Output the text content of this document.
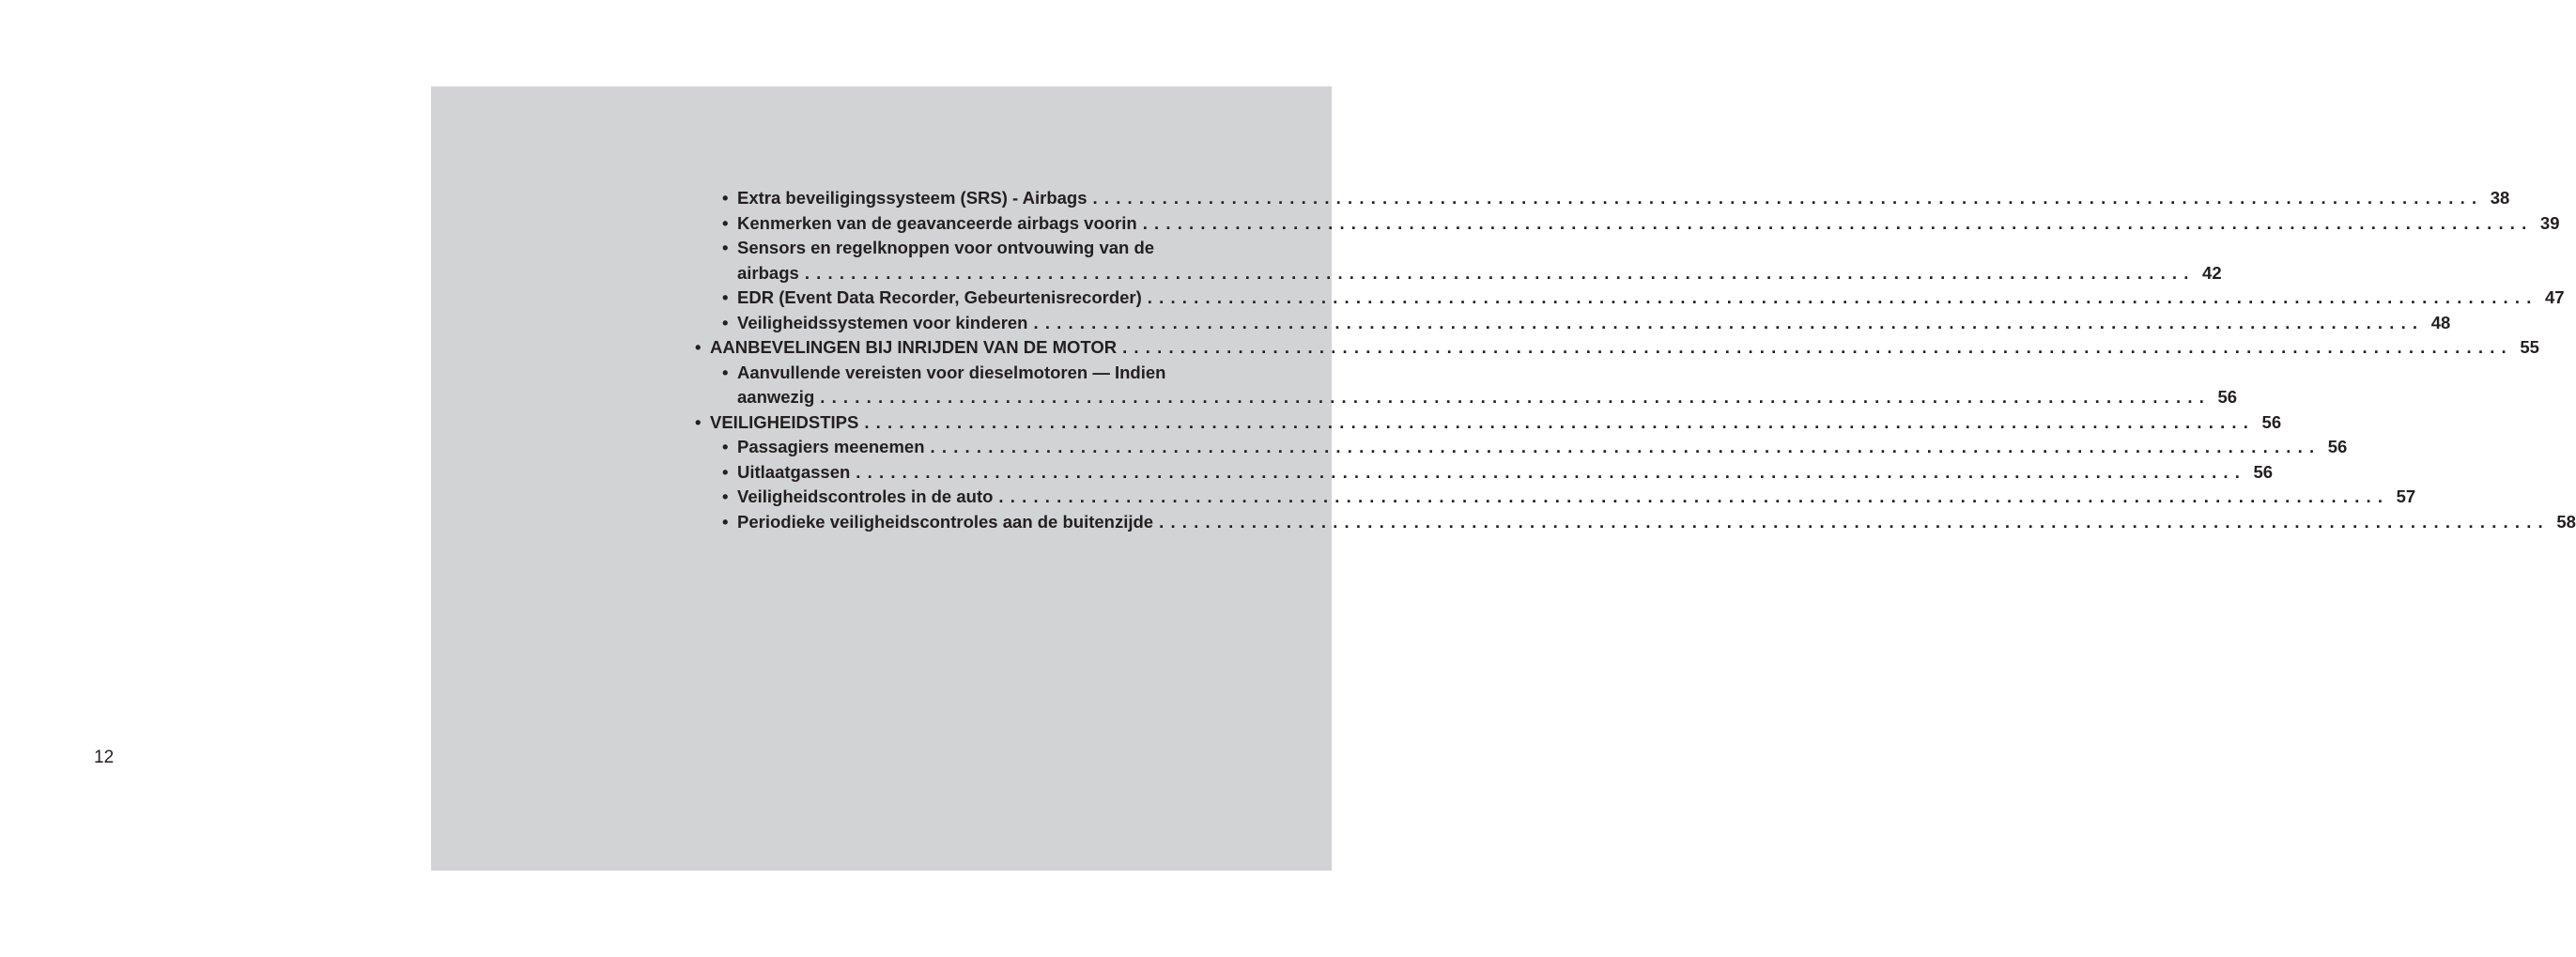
12
• Extra beveiligingssysteem (SRS) - Airbags ........................................................................................................................ 38
• Kenmerken van de geavanceerde airbags voorin ........................................................................................................................ 39
• Sensors en regelknoppen voor ontvouwing van de
airbags ........................................................................................................................ 42
• EDR (Event Data Recorder, Gebeurtenisrecorder) ........................................................................................................................ 47
• Veiligheidssystemen voor kinderen ........................................................................................................................ 48
• AANBEVELINGEN BIJ INRIJDEN VAN DE MOTOR ........................................................................................................................ 55
• Aanvullende vereisten voor dieselmotoren — Indien
aanwezig ........................................................................................................................ 56
• VEILIGHEIDSTIPS ........................................................................................................................ 56
• Passagiers meenemen ........................................................................................................................ 56
• Uitlaatgassen ........................................................................................................................ 56
• Veiligheidscontroles in de auto ........................................................................................................................ 57
• Periodieke veiligheidscontroles aan de buitenzijde ........................................................................................................................ 58
